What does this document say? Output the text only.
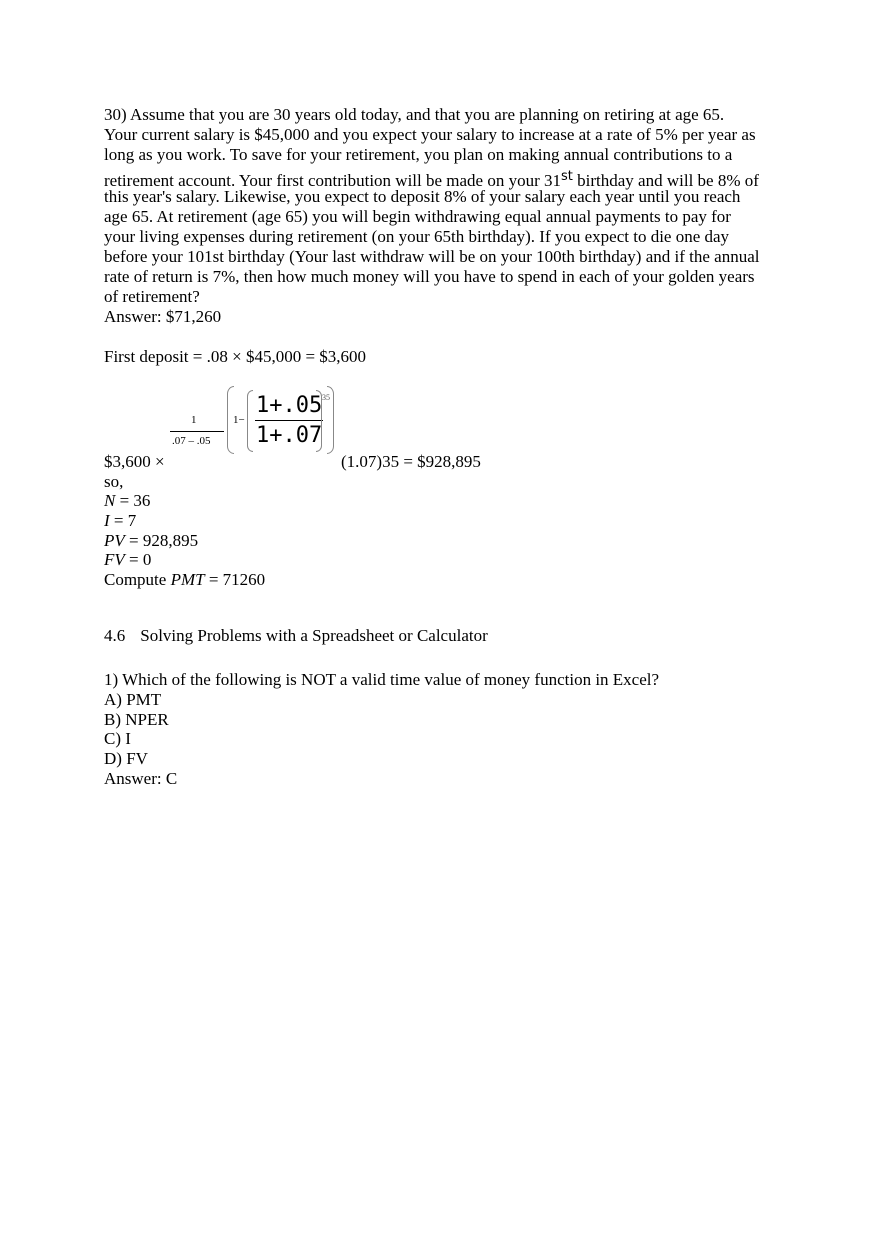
30) Assume that you are 30 years old today, and that you are planning on retiring at age 65.
Your current salary is $45,000 and you expect your salary to increase at a rate of 5% per year as
long as you work. To save for your retirement, you plan on making annual contributions to a
retirement account. Your first contribution will be made on your 31st birthday and will be 8% of
this year's salary. Likewise, you expect to deposit 8% of your salary each year until you reach
age 65. At retirement (age 65) you will begin withdrawing equal annual payments to pay for
your living expenses during retirement (on your 65th birthday). If you expect to die one day
before your 101st birthday (Your last withdraw will be on your 100th birthday) and if the annual
rate of return is 7%, then how much money will you have to spend in each of your golden years
of retirement?
Answer: $71,260
First deposit = .08 × $45,000 = $3,600
1
.07 – .05
1−
1+.05
1+.07
35
$3,600 ×	(1.07)35 = $928,895
so,
N = 36
I = 7
PV = 928,895
FV = 0
Compute PMT = 71260
4.6 Solving Problems with a Spreadsheet or Calculator
1) Which of the following is NOT a valid time value of money function in Excel?
A) PMT
B) NPER
C) I
D) FV
Answer: C
